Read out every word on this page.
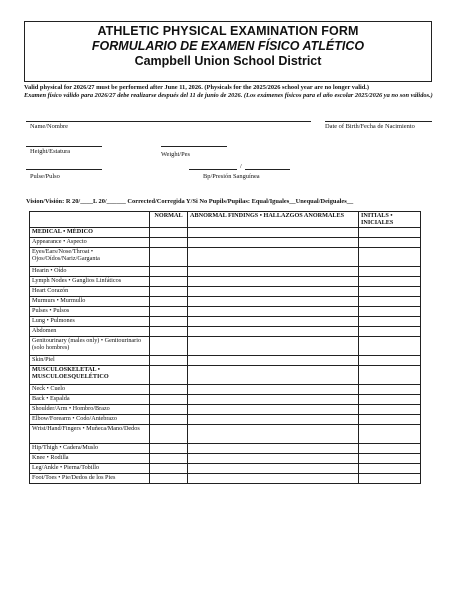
ATHLETIC PHYSICAL EXAMINATION FORM
FORMULARIO DE EXAMEN FÍSICO ATLÉTICO
Campbell Union School District
Valid physical for 2026/27 must be performed after June 11, 2026. (Physicals for the 2025/2026 school year are no longer valid.)
Examen físico válido para 2026/27 debe realizarse después del 11 de junio de 2026. (Los exámenes físicos para el año escolar 2025/2026 ya no son válidos.)
Name/Nombre	Date of Birth/Fecha de Nacimiento
Height/Estatura	Weight/Pes
Pulse/Pulso
/
Bp/Presión Sanguínea
Vision/Visión: R 20/____L 20/______ Corrected/Corregida Y/Si No Pupils/Pupilas: Equal/Iguales__Unequal/Deiguales__
	NORMAL	ABNORMAL FINDINGS • HALLAZGOS ANORMALES	INITIALS • INICIALES
MEDICAL • MÉDICO			
Appearance • Aspecto			
Eyes/Ears/Nose/Throat • Ojos/Oídos/Nariz/Garganta			
Hearin • Oído			
Lymph Nodes • Ganglios Linfáticos			
Heart Corazón			
Murmurs • Murmullo			
Pulses • Pulsos			
Lung • Pulmones			
Abdomen			
Genitourinary (males only) • Genitourinario (solo hombres)			
Skin/Piel			
MUSCULOSKELETAL • MUSCULOESQUELÉTICO			
Neck • Cuelo			
Back • Espalda			
Shoulder/Arm • Hombro/Brazo			
Elbow/Forearm • Codo/Antebrazo			
Wrist/Hand/Fingers • Muñeca/Mano/Dedos			
Hip/Thigh • Cadera/Muslo			
Knee • Rodilla			
Leg/Ankle • Pierna/Tobillo			
Foot/Toes • Pie/Dedos de los Pies			
